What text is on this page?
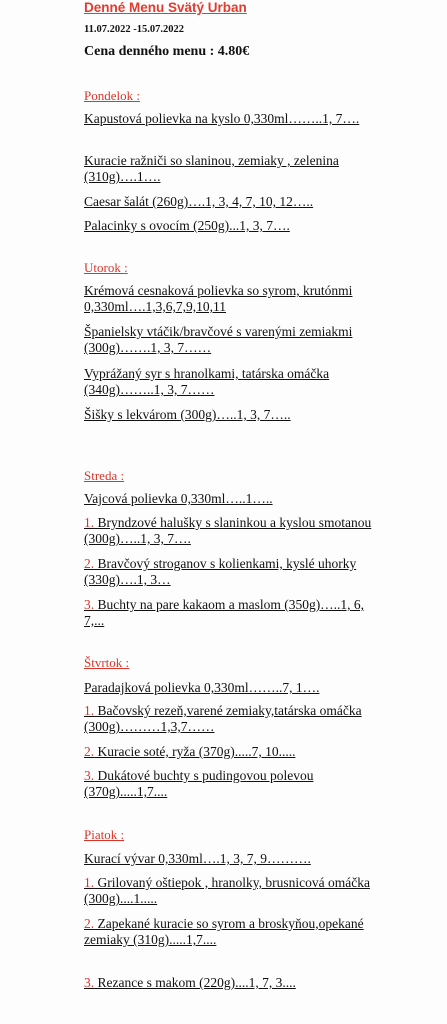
Denné Menu Svätý Urban
11.07.2022 -15.07.2022
Cena denného menu : 4.80€
Pondelok :
Kapustová polievka na kyslo 0,330ml……..1, 7….
Kuracie ražniči so slaninou, zemiaky , zelenina (310g)….1….
Caesar šalát (260g)….1, 3, 4, 7, 10, 12…..
Palacinky s ovocím (250g)...1, 3, 7….
Utorok :
Krémová cesnaková polievka so syrom, krutónmi 0,330ml….1,3,6,7,9,10,11
Španielsky vtáčik/bravčové s varenými zemiakmi (300g)…….1, 3, 7……
Vyprážaný syr s hranolkami, tatárska omáčka (340g)……..1, 3, 7……
Šišky s lekvárom (300g)…..1, 3, 7…..
Streda :
Vajcová polievka 0,330ml…..1…..
1. Bryndzové halušky s slaninkou a kyslou smotanou (300g)…..1, 3, 7….
2. Bravčový stroganov s kolienkami, kyslé uhorky (330g)….1, 3…
3. Buchty na pare kakaom a maslom (350g)…..1, 6, 7,...
Štvrtok :
Paradajková polievka 0,330ml……..7, 1….
1. Bačovský rezeň,varené zemiaky,tatárska omáčka (300g)………1,3,7……
2. Kuracie soté, ryža (370g).....7, 10.....
3. Dukátové buchty s pudingovou polevou (370g).....1,7....
Piatok :
Kurací vývar 0,330ml….1, 3, 7, 9……….
1. Grilovaný oštiepok , hranolky, brusnicová omáčka (300g)....1.....
2. Zapekané kuracie so syrom a broskyňou,opekané zemiaky (310g).....1,7....
3. Rezance s makom (220g)....1, 7, 3....
